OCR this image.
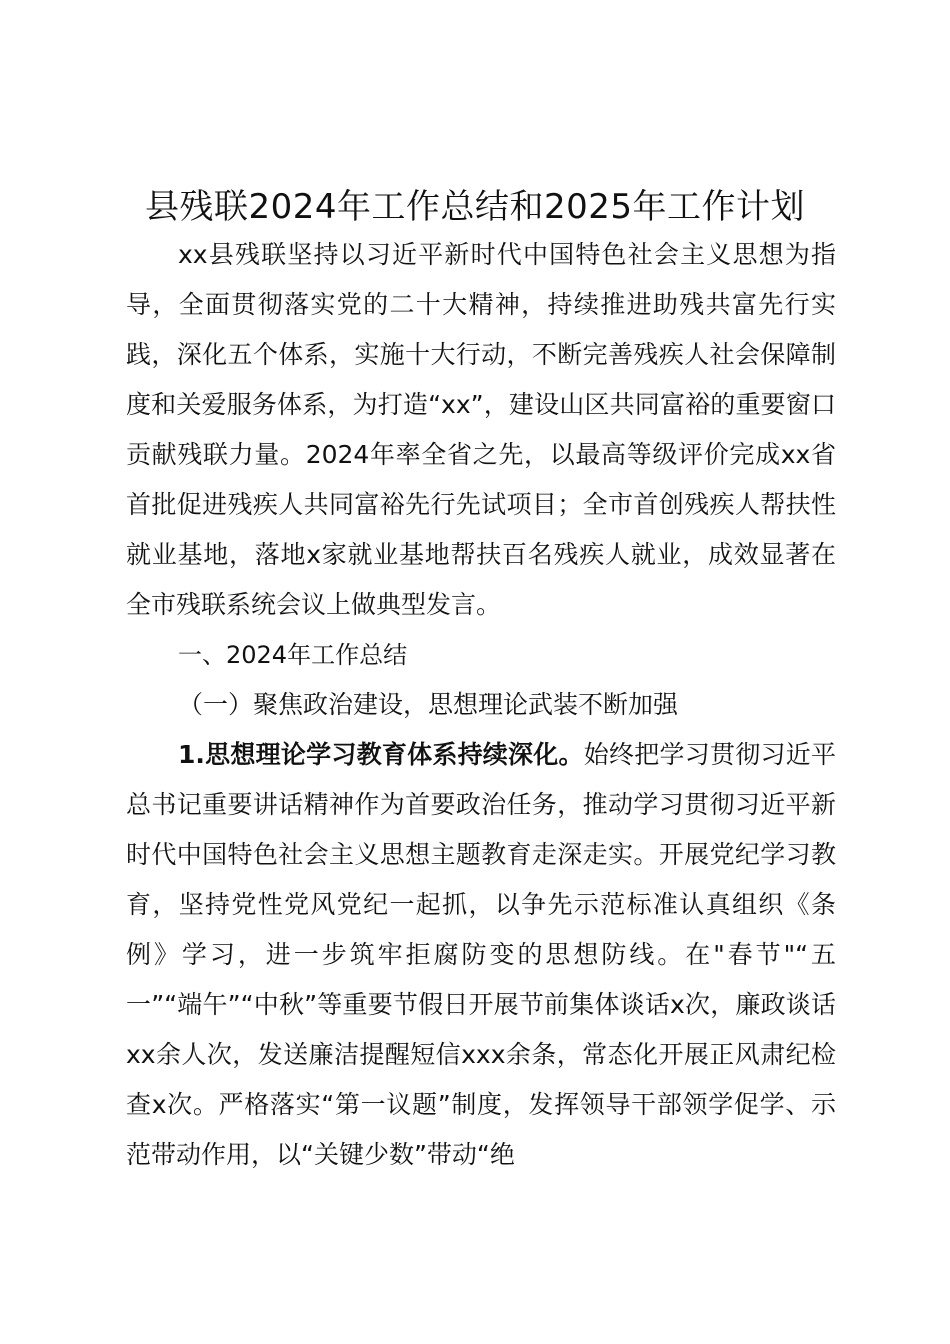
县残联2024年工作总结和2025年工作计划

xx县残联坚持以习近平新时代中国特色社会主义思想为指导，全面贯彻落实党的二十大精神，持续推进助残共富先行实践，深化五个体系，实施十大行动，不断完善残疾人社会保障制度和关爱服务体系，为打造“xx”，建设山区共同富裕的重要窗口贡献残联力量。2024年率全省之先，以最高等级评价完成xx省首批促进残疾人共同富裕先行先试项目；全市首创残疾人帮扶性就业基地，落地x家就业基地帮扶百名残疾人就业，成效显著在全市残联系统会议上做典型发言。

一、2024年工作总结
（一）聚焦政治建设，思想理论武装不断加强

1.思想理论学习教育体系持续深化。始终把学习贯彻习近平总书记重要讲话精神作为首要政治任务，推动学习贯彻习近平新时代中国特色社会主义思想主题教育走深走实。开展党纪学习教育，坚持党性党风党纪一起抓，以争先示范标准认真组织《条例》学习，进一步筑牢拒腐防变的思想防线。在"春节"“五一”“端午”“中秋”等重要节假日开展节前集体谈话x次，廉政谈话xx余人次，发送廉洁提醒短信xxx余条，常态化开展正风肃纪检查x次。严格落实“第一议题”制度，发挥领导干部领学促学、示范带动作用，以“关键少数”带动“绝
